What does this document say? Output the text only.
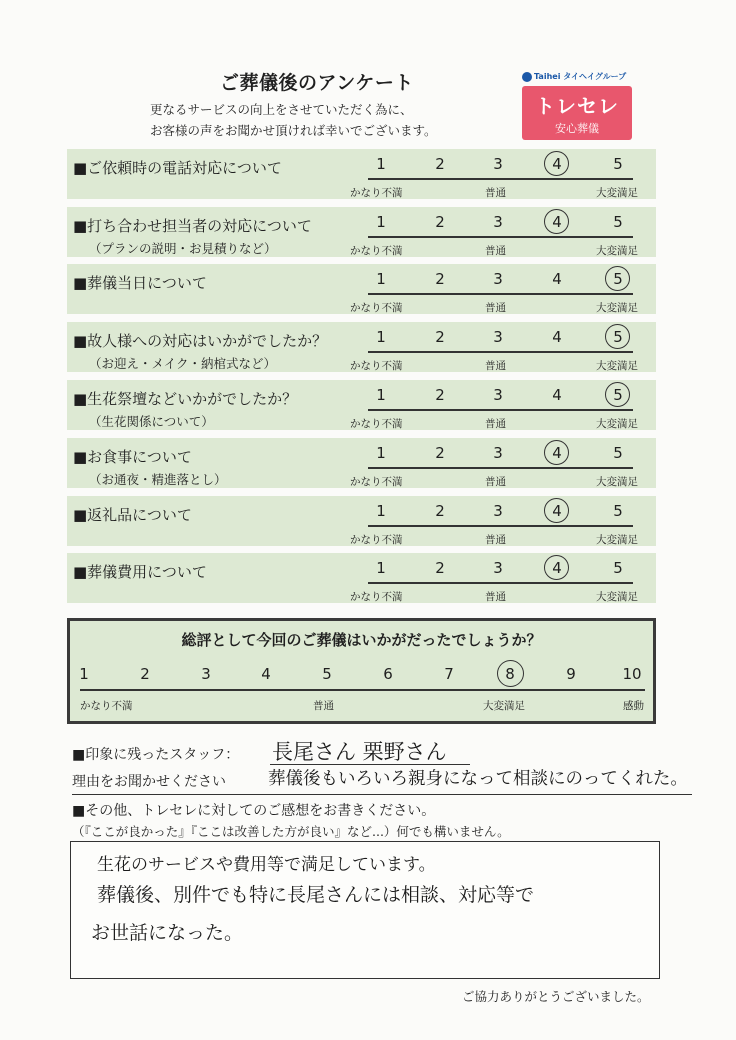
ご葬儀後のアンケート
更なるサービスの向上をさせていただく為に、
お客様の声をお聞かせ頂ければ幸いでございます。
Taihei タイヘイグループ
トレセレ
安心葬儀
■ご依頼時の電話対応について	1	2	3	4	5
かなり不満	普通	大変満足
■打ち合わせ担当者の対応について
（プランの説明・お見積りなど）
1	2	3	4	5
かなり不満	普通	大変満足
■葬儀当日について	1	2	3	4	5
かなり不満	普通	大変満足
■故人様への対応はいかがでしたか？
（お迎え・メイク・納棺式など）
1	2	3	4	5
かなり不満	普通	大変満足
■生花祭壇などいかがでしたか？
（生花関係について）
1	2	3	4	5
かなり不満	普通	大変満足
■お食事について
（お通夜・精進落とし）
1	2	3	4	5
かなり不満	普通	大変満足
■返礼品について	1	2	3	4	5
かなり不満	普通	大変満足
■葬儀費用について	1	2	3	4	5
かなり不満	普通	大変満足
総評として今回のご葬儀はいかがだったでしょうか？
1	2	3	4	5	6	7	8	9	10
かなり不満	普通	大変満足	感動
■印象に残ったスタッフ： 長尾さん 栗野さん
理由をお聞かせください 葬儀後もいろいろ親身になって相談にのってくれた。
■その他、トレセレに対してのご感想をお書きください。
（『ここが良かった』『ここは改善した方が良い』など...）何でも構いません。
生花のサービスや費用等で満足しています。
葬儀後、別件でも特に長尾さんには相談、対応等で
お世話になった。
ご協力ありがとうございました。
